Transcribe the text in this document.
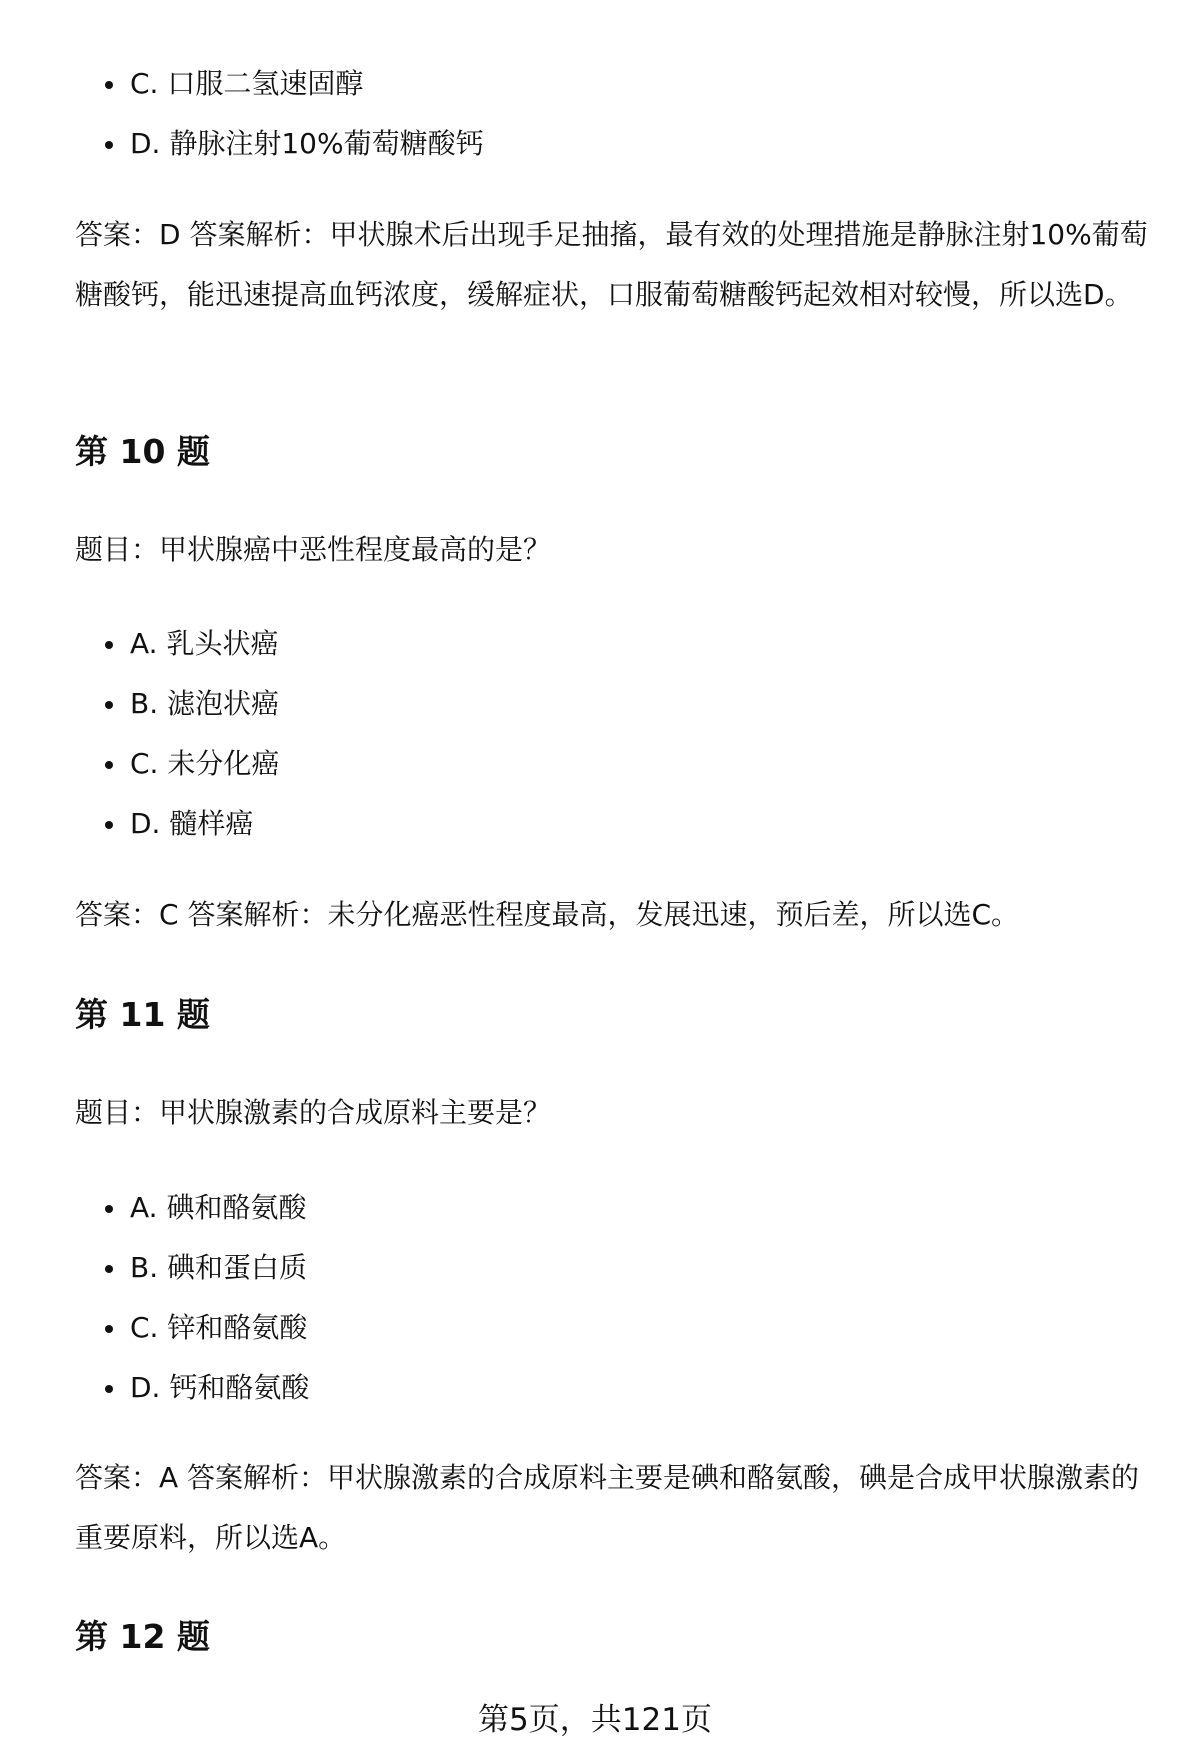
C. 口服二氢速固醇
D. 静脉注射10%葡萄糖酸钙
答案：D 答案解析：甲状腺术后出现手足抽搐，最有效的处理措施是静脉注射10%葡萄糖酸钙，能迅速提高血钙浓度，缓解症状，口服葡萄糖酸钙起效相对较慢，所以选D。
第 10 题
题目：甲状腺癌中恶性程度最高的是？
A. 乳头状癌
B. 滤泡状癌
C. 未分化癌
D. 髓样癌
答案：C 答案解析：未分化癌恶性程度最高，发展迅速，预后差，所以选C。
第 11 题
题目：甲状腺激素的合成原料主要是？
A. 碘和酪氨酸
B. 碘和蛋白质
C. 锌和酪氨酸
D. 钙和酪氨酸
答案：A 答案解析：甲状腺激素的合成原料主要是碘和酪氨酸，碘是合成甲状腺激素的重要原料，所以选A。
第 12 题
第5页，共121页
